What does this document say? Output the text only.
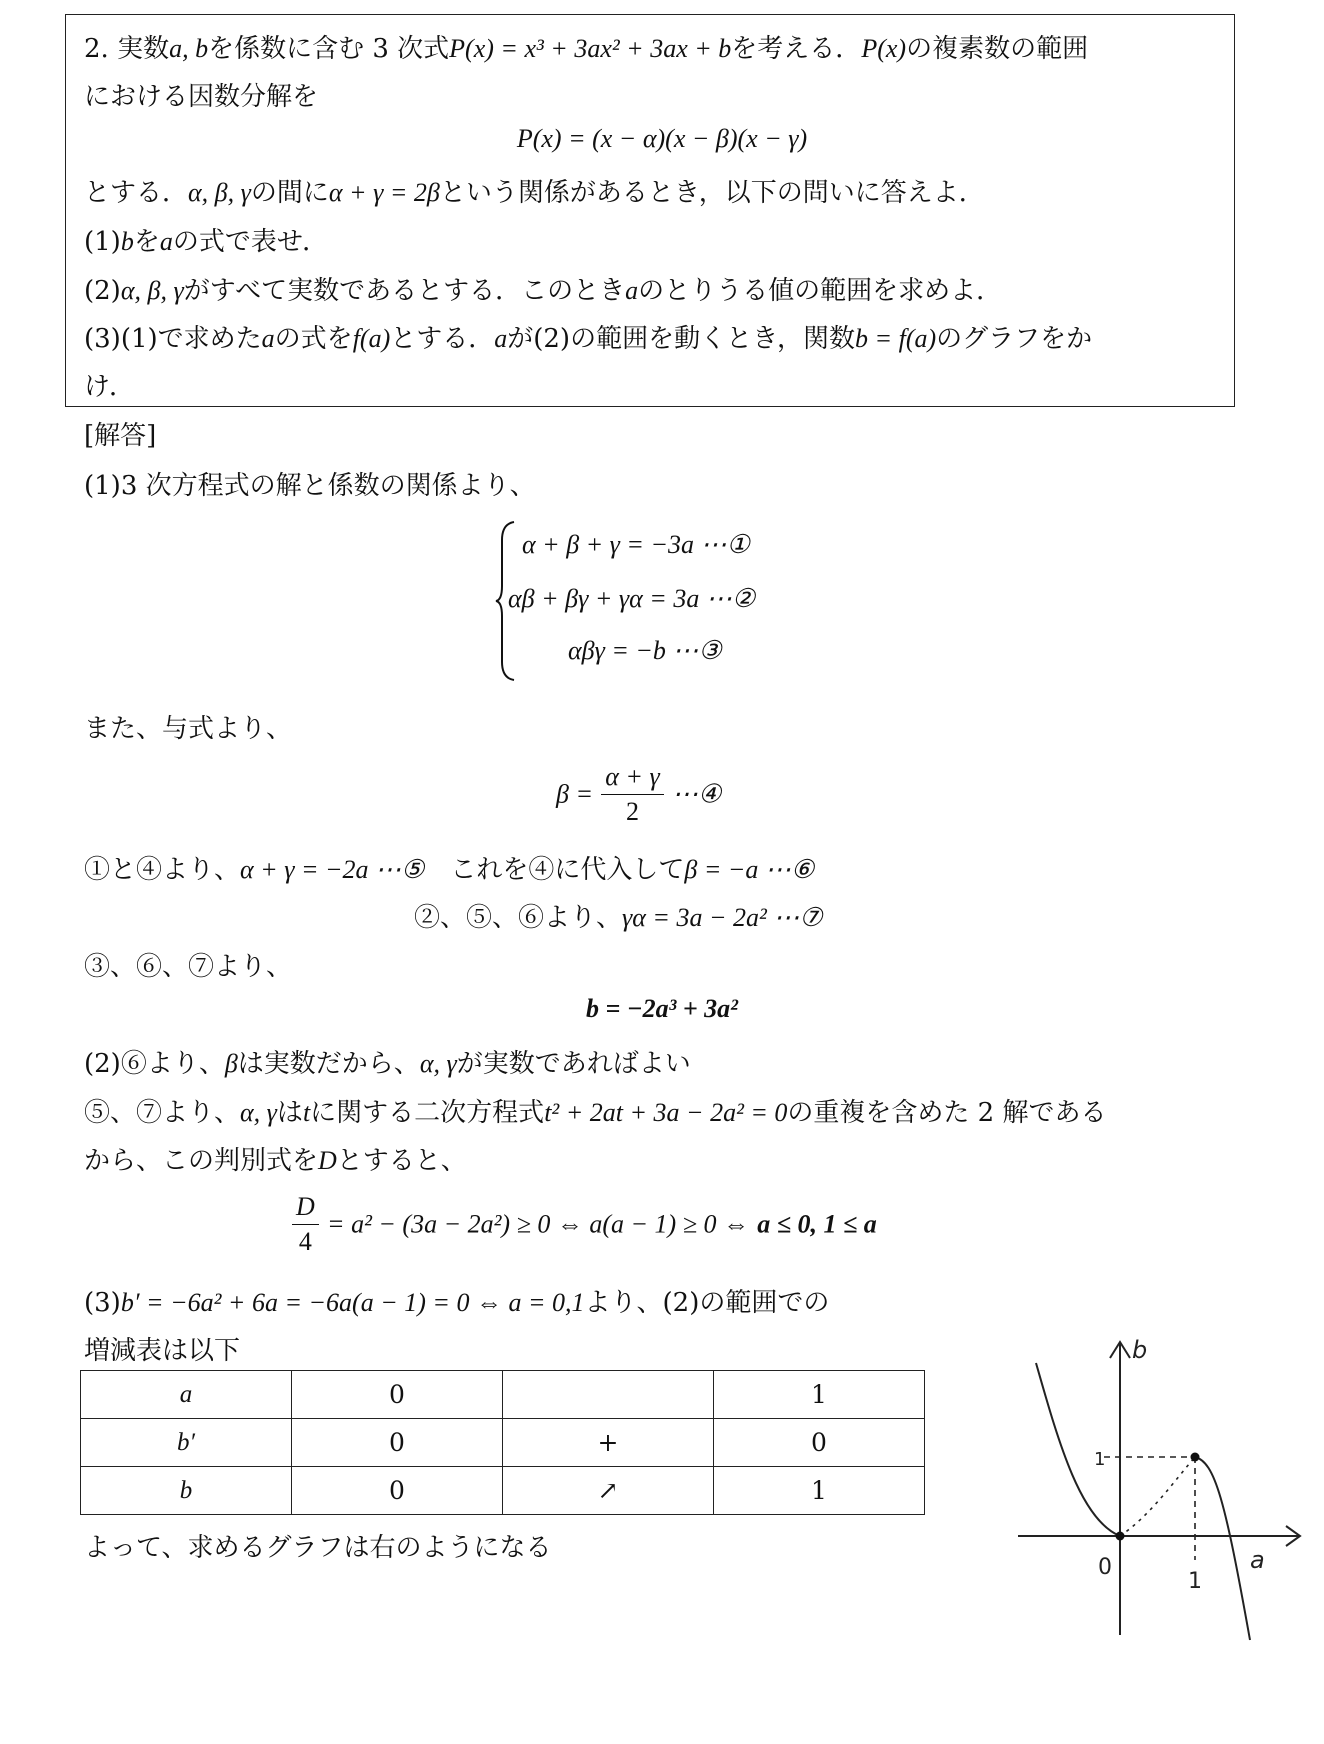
2. 実数a, bを係数に含む 3 次式P(x) = x³ + 3ax² + 3ax + bを考える．P(x)の複素数の範囲
における因数分解を
P(x) = (x − α)(x − β)(x − γ)
とする．α, β, γの間にα + γ = 2βという関係があるとき，以下の問いに答えよ．
(1)bをaの式で表せ．
(2)α, β, γがすべて実数であるとする．このときaのとりうる値の範囲を求めよ．
(3)(1)で求めたaの式をf(a)とする．aが(2)の範囲を動くとき，関数b = f(a)のグラフをか
け．
[解答]
(1)3 次方程式の解と係数の関係より、
α + β + γ = −3a ⋯①
αβ + βγ + γα = 3a ⋯②
αβγ = −b ⋯③
また、与式より、
$\beta = \frac{\alpha + \gamma}{2}$ ⋯④
①と④より、α + γ = −2a ⋯⑤ これを④に代入してβ = −a ⋯⑥
②、⑤、⑥より、γα = 3a − 2a² ⋯⑦
③、⑥、⑦より、
b = −2a³ + 3a²
(2)⑥より、βは実数だから、α, γが実数であればよい
⑤、⑦より、α, γはtに関する二次方程式t² + 2at + 3a − 2a² = 0の重複を含めた 2 解である
から、この判別式をDとすると、
$\frac{D}{4} = a^2 - (3a - 2a^2) \ge 0$ ⇔ a(a − 1) ≥ 0 ⇔ a ≤ 0, 1 ≤ a
(3)b′ = −6a² + 6a = −6a(a − 1) = 0 ⇔ a = 0,1より、(2)の範囲での
増減表は以下
a	0		1
b′	0	+	0
b	0	↗	1
よって、求めるグラフは右のようになる
b
a
0
1
1
